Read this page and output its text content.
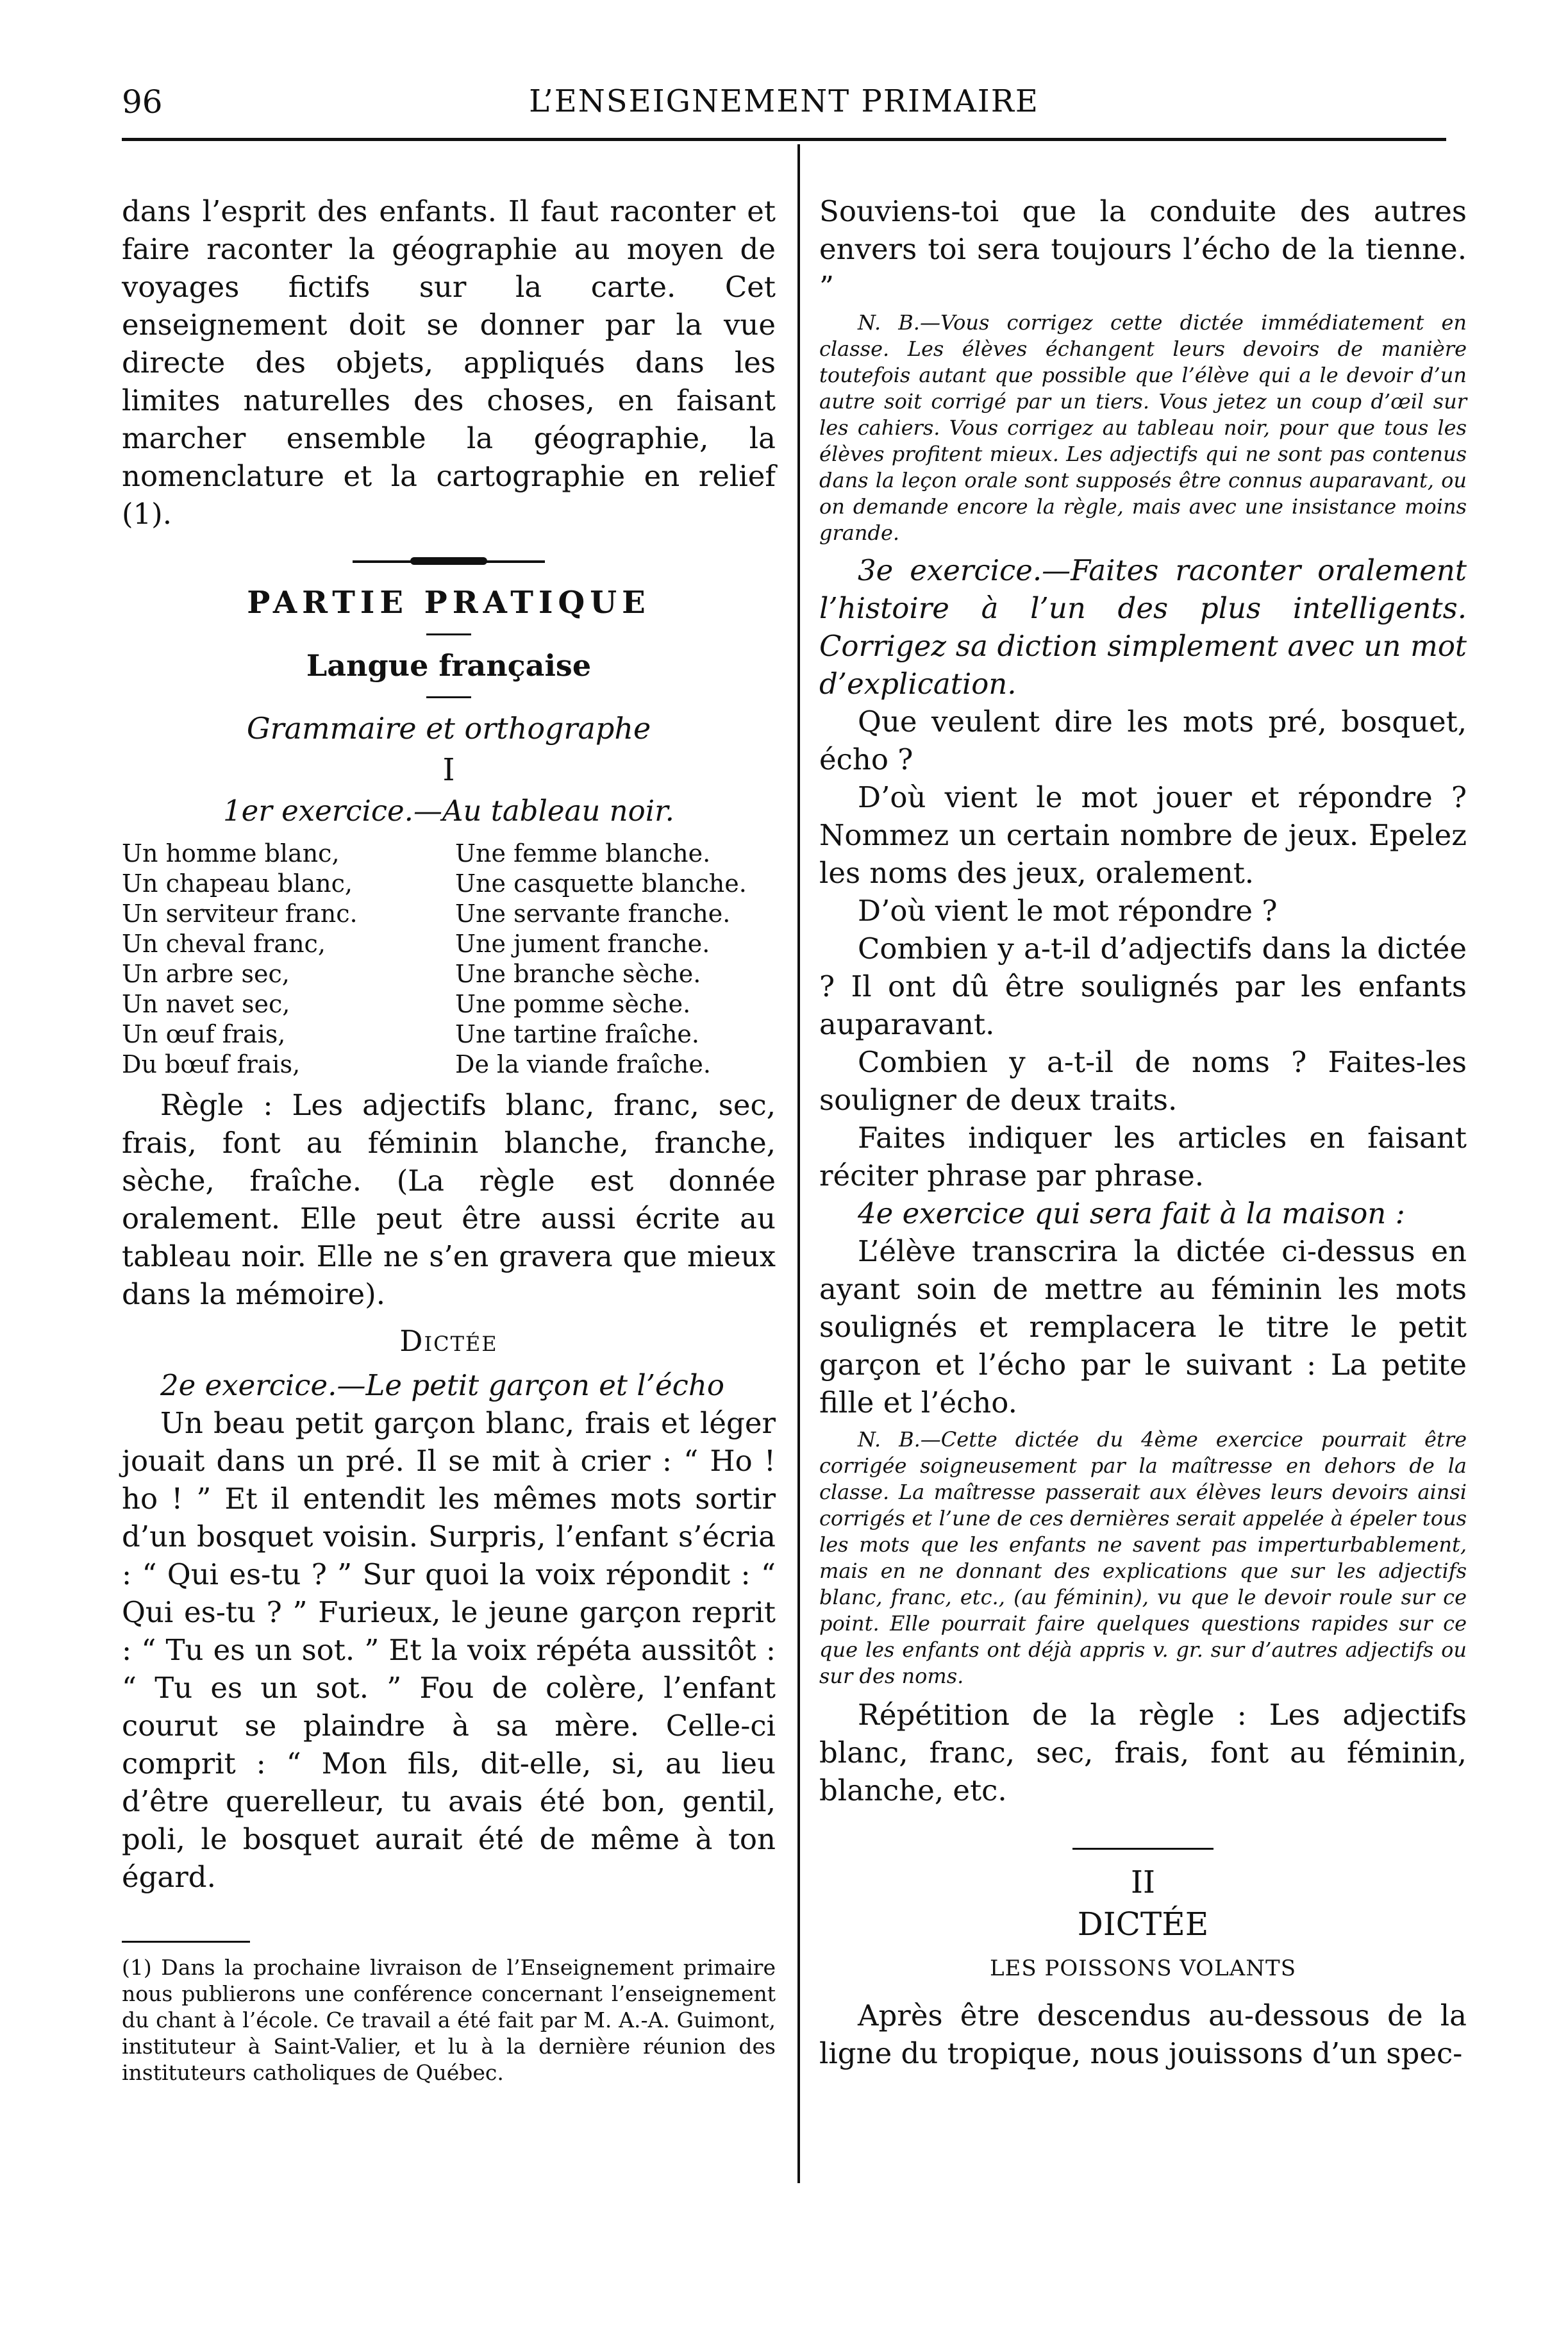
96	L’ENSEIGNEMENT PRIMAIRE

dans l’esprit des enfants. Il faut raconter et faire raconter la géographie au moyen de voyages fictifs sur la carte. Cet enseignement doit se donner par la vue directe des objets, appliqués dans les limites naturelles des choses, en faisant marcher ensemble la géographie, la nomenclature et la cartographie en relief (1).

PARTIE PRATIQUE
Langue française
Grammaire et orthographe

I

1er exercice.—Au tableau noir.

Un homme blanc,	Une femme blanche.
Un chapeau blanc,	Une casquette blanche.
Un serviteur franc.	Une servante franche.
Un cheval franc,	Une jument franche.
Un arbre sec,	Une branche sèche.
Un navet sec,	Une pomme sèche.
Un œuf frais,	Une tartine fraîche.
Du bœuf frais,	De la viande fraîche.

Règle : Les adjectifs blanc, franc, sec, frais, font au féminin blanche, franche, sèche, fraîche. (La règle est donnée oralement. Elle peut être aussi écrite au tableau noir. Elle ne s’en gravera que mieux dans la mémoire).

Dictée

2e exercice.—Le petit garçon et l’écho

Un beau petit garçon blanc, frais et léger jouait dans un pré. Il se mit à crier : “ Ho ! ho ! ” Et il entendit les mêmes mots sortir d’un bosquet voisin. Surpris, l’enfant s’écria : “ Qui es-tu ? ” Sur quoi la voix répondit : “ Qui es-tu ? ” Furieux, le jeune garçon reprit : “ Tu es un sot. ” Et la voix répéta aussitôt : “ Tu es un sot. ” Fou de colère, l’enfant courut se plaindre à sa mère. Celle-ci comprit : “ Mon fils, dit-elle, si, au lieu d’être querelleur, tu avais été bon, gentil, poli, le bosquet aurait été de même à ton égard.

(1) Dans la prochaine livraison de l’Enseignement primaire nous publierons une conférence concernant l’enseignement du chant à l’école. Ce travail a été fait par M. A.-A. Guimont, instituteur à Saint-Valier, et lu à la dernière réunion des instituteurs catholiques de Québec.

Souviens-toi que la conduite des autres envers toi sera toujours l’écho de la tienne. ”

N. B.—Vous corrigez cette dictée immédiatement en classe. Les élèves échangent leurs devoirs de manière toutefois autant que possible que l’élève qui a le devoir d’un autre soit corrigé par un tiers. Vous jetez un coup d’œil sur les cahiers. Vous corrigez au tableau noir, pour que tous les élèves profitent mieux. Les adjectifs qui ne sont pas contenus dans la leçon orale sont supposés être connus auparavant, ou on demande encore la règle, mais avec une insistance moins grande.

3e exercice.—Faites raconter oralement l’histoire à l’un des plus intelligents. Corrigez sa diction simplement avec un mot d’explication.

Que veulent dire les mots pré, bosquet, écho ?

D’où vient le mot jouer et répondre ? Nommez un certain nombre de jeux. Epelez les noms des jeux, oralement.

D’où vient le mot répondre ?

Combien y a-t-il d’adjectifs dans la dictée ? Il ont dû être soulignés par les enfants auparavant.

Combien y a-t-il de noms ? Faites-les souligner de deux traits.

Faites indiquer les articles en faisant réciter phrase par phrase.

4e exercice qui sera fait à la maison :

L’élève transcrira la dictée ci-dessus en ayant soin de mettre au féminin les mots soulignés et remplacera le titre le petit garçon et l’écho par le suivant : La petite fille et l’écho.

N. B.—Cette dictée du 4ème exercice pourrait être corrigée soigneusement par la maîtresse en dehors de la classe. La maîtresse passerait aux élèves leurs devoirs ainsi corrigés et l’une de ces dernières serait appelée à épeler tous les mots que les enfants ne savent pas imperturbablement, mais en ne donnant des explications que sur les adjectifs blanc, franc, etc., (au féminin), vu que le devoir roule sur ce point. Elle pourrait faire quelques questions rapides sur ce que les enfants ont déjà appris v. gr. sur d’autres adjectifs ou sur des noms.

Répétition de la règle : Les adjectifs blanc, franc, sec, frais, font au féminin, blanche, etc.

II

DICTÉE

LES POISSONS VOLANTS

Après être descendus au-dessous de la ligne du tropique, nous jouissons d’un spec-
